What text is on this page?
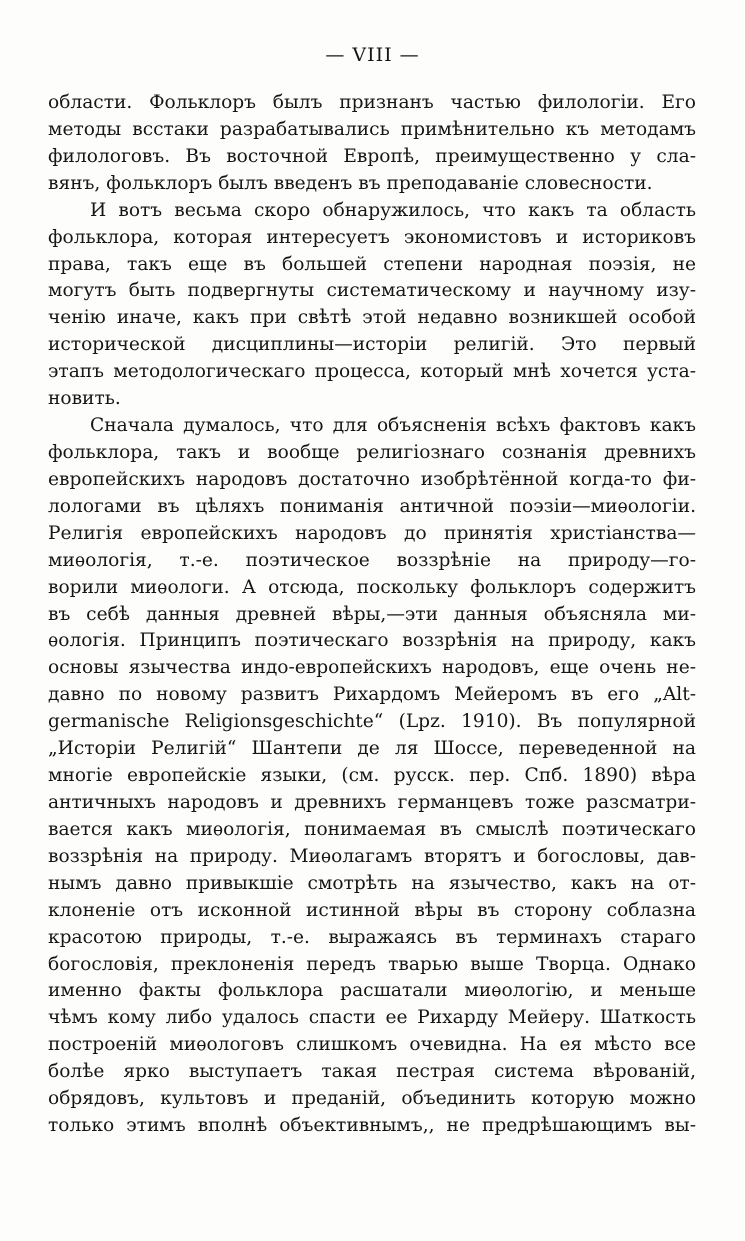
— VIII —
области. Фольклоръ былъ признанъ частью филологіи. Его
методы всстаки разрабатывались примѣнительно къ методамъ
филологовъ. Въ восточной Европѣ, преимущественно у сла-
вянъ, фольклоръ былъ введенъ въ преподаваніе словесности.
И вотъ весьма скоро обнаружилось, что какъ та область
фольклора, которая интересуетъ экономистовъ и историковъ
права, такъ еще въ большей степени народная поэзія, не
могутъ быть подвергнуты систематическому и научному изу-
ченію иначе, какъ при свѣтѣ этой недавно возникшей особой
исторической дисциплины—исторіи религій. Это первый
этапъ методологическаго процесса, который мнѣ хочется уста-
новить.
Сначала думалось, что для объясненія всѣхъ фактовъ какъ
фольклора, такъ и вообще религіознаго сознанія древнихъ
европейскихъ народовъ достаточно изобрѣтённой когда-то фи-
лологами въ цѣляхъ пониманія античной поэзіи—миѳологіи.
Религія европейскихъ народовъ до принятія христіанства—
миѳологія, т.-е. поэтическое воззрѣніе на природу—го-
ворили миѳологи. А отсюда, поскольку фольклоръ содержитъ
въ себѣ данныя древней вѣры,—эти данныя объясняла ми-
ѳологія. Принципъ поэтическаго воззрѣнія на природу, какъ
основы язычества индо-европейскихъ народовъ, еще очень не-
давно по новому развитъ Рихардомъ Мейеромъ въ его „Alt-
germanische Religionsgeschichte“ (Lpz. 1910). Въ популярной
„Исторіи Религій“ Шантепи де ля Шоссе, переведенной на
многіе европейскіе языки, (см. русск. пер. Спб. 1890) вѣра
античныхъ народовъ и древнихъ германцевъ тоже разсматри-
вается какъ миѳологія, понимаемая въ смыслѣ поэтическаго
воззрѣнія на природу. Миѳолагамъ вторятъ и богословы, дав-
нымъ давно привыкшіе смотрѣть на язычество, какъ на от-
клоненіе отъ исконной истинной вѣры въ сторону соблазна
красотою природы, т.-е. выражаясь въ терминахъ стараго
богословія, преклоненія передъ тварью выше Творца. Однако
именно факты фольклора расшатали миѳологію, и меньше
чѣмъ кому либо удалось спасти ее Рихарду Мейеру. Шаткость
построеній миѳологовъ слишкомъ очевидна. На ея мѣсто все
болѣе ярко выступаетъ такая пестрая система вѣрованій,
обрядовъ, культовъ и преданій, объединить которую можно
только этимъ вполнѣ объективнымъ,, не предрѣшающимъ вы-
